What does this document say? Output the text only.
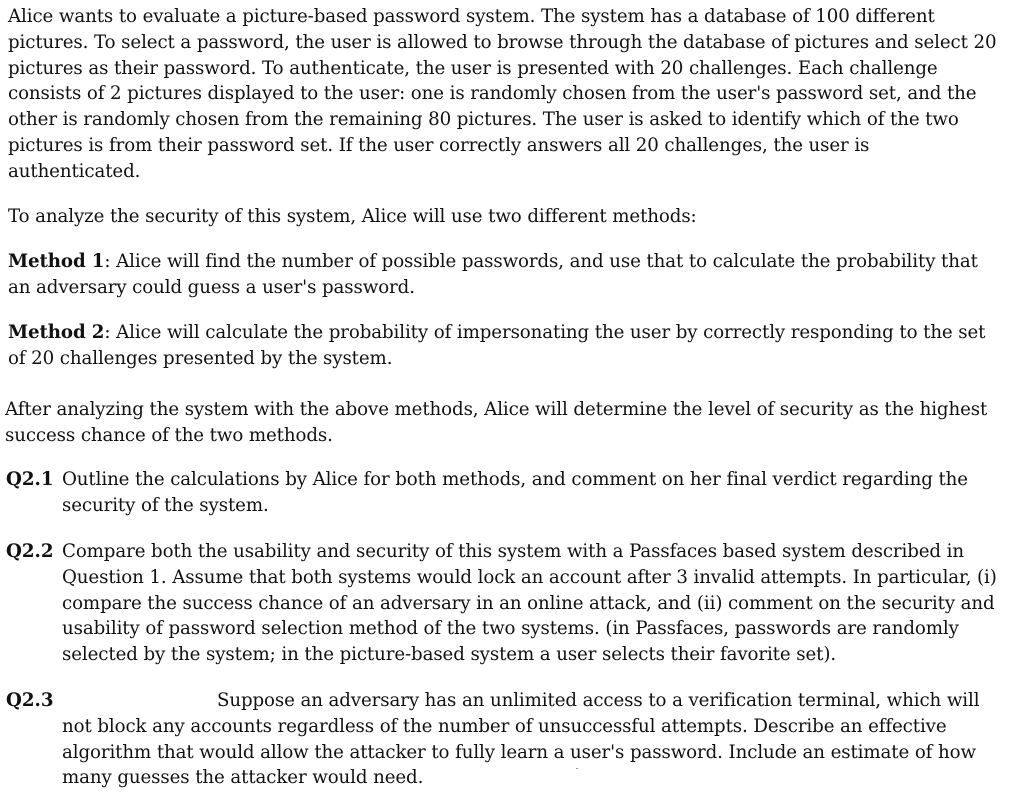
Alice wants to evaluate a picture-based password system. The system has a database of 100 different pictures. To select a password, the user is allowed to browse through the database of pictures and select 20 pictures as their password. To authenticate, the user is presented with 20 challenges. Each challenge consists of 2 pictures displayed to the user: one is randomly chosen from the user's password set, and the other is randomly chosen from the remaining 80 pictures. The user is asked to identify which of the two pictures is from their password set. If the user correctly answers all 20 challenges, the user is authenticated.

To analyze the security of this system, Alice will use two different methods:

Method 1: Alice will find the number of possible passwords, and use that to calculate the probability that an adversary could guess a user's password.

Method 2: Alice will calculate the probability of impersonating the user by correctly responding to the set of 20 challenges presented by the system.

After analyzing the system with the above methods, Alice will determine the level of security as the highest success chance of the two methods.

Q2.1 Outline the calculations by Alice for both methods, and comment on her final verdict regarding the security of the system.

Q2.2 Compare both the usability and security of this system with a Passfaces based system described in Question 1. Assume that both systems would lock an account after 3 invalid attempts. In particular, (i) compare the success chance of an adversary in an online attack, and (ii) comment on the security and usability of password selection method of the two systems. (in Passfaces, passwords are randomly selected by the system; in the picture-based system a user selects their favorite set).

Q2.3	Suppose an adversary has an unlimited access to a verification terminal, which will not block any accounts regardless of the number of unsuccessful attempts. Describe an effective algorithm that would allow the attacker to fully learn a user's password. Include an estimate of how many guesses the attacker would need.
